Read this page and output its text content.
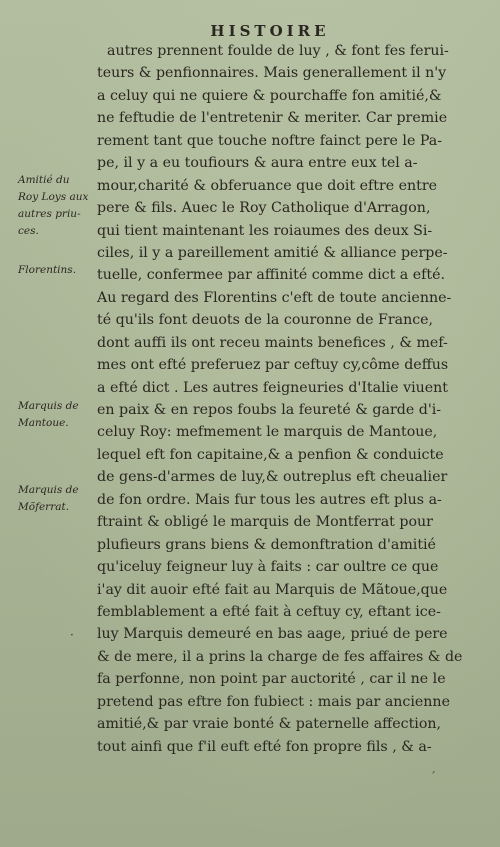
HISTOIRE
autres prennent foulde de luy , & font fes ferui-
teurs & penfionnaires. Mais generallement il n'y
a celuy qui ne quiere & pourchaffe fon amitié,&
ne feftudie de l'entretenir & meriter. Car premie
rement tant que touche noftre fainct pere le Pa-
pe, il y a eu toufiours & aura entre eux tel a-
mour,charité & obferuance que doit eftre entre
pere & fils. Auec le Roy Catholique d'Arragon,
qui tient maintenant les roiaumes des deux Si-
ciles, il y a pareillement amitié & alliance perpe-
tuelle, confermee par affinité comme dict a efté.
Au regard des Florentins c'eft de toute ancienne-
té qu'ils font deuots de la couronne de France,
dont auffi ils ont receu maints benefices , & mef-
mes ont efté preferuez par ceftuy cy,côme deffus
a efté dict . Les autres feigneuries d'Italie viuent
en paix & en repos foubs la feureté & garde d'i-
celuy Roy: mefmement le marquis de Mantoue,
lequel eft fon capitaine,& a penfion & conduicte
de gens-d'armes de luy,& outreplus eft cheualier
de fon ordre. Mais fur tous les autres eft plus a-
ftraint & obligé le marquis de Montferrat pour
plufieurs grans biens & demonftration d'amitié
qu'iceluy feigneur luy à faits : car oultre ce que
i'ay dit auoir efté fait au Marquis de Mãtoue,que
femblablement a efté fait à ceftuy cy, eftant ice-
luy Marquis demeuré en bas aage, priué de pere
& de mere, il a prins la charge de fes affaires & de
fa perfonne, non point par auctorité , car il ne le
pretend pas eftre fon fubiect : mais par ancienne
amitié,& par vraie bonté & paternelle affection,
tout ainfi que f'il euft efté fon propre fils , & a-
Amitié du
Roy Loys aux
autres priu-
ces.
Florentins.
Marquis de
Mantoue.
Marquis de
Mõferrat.
·
ˊ
